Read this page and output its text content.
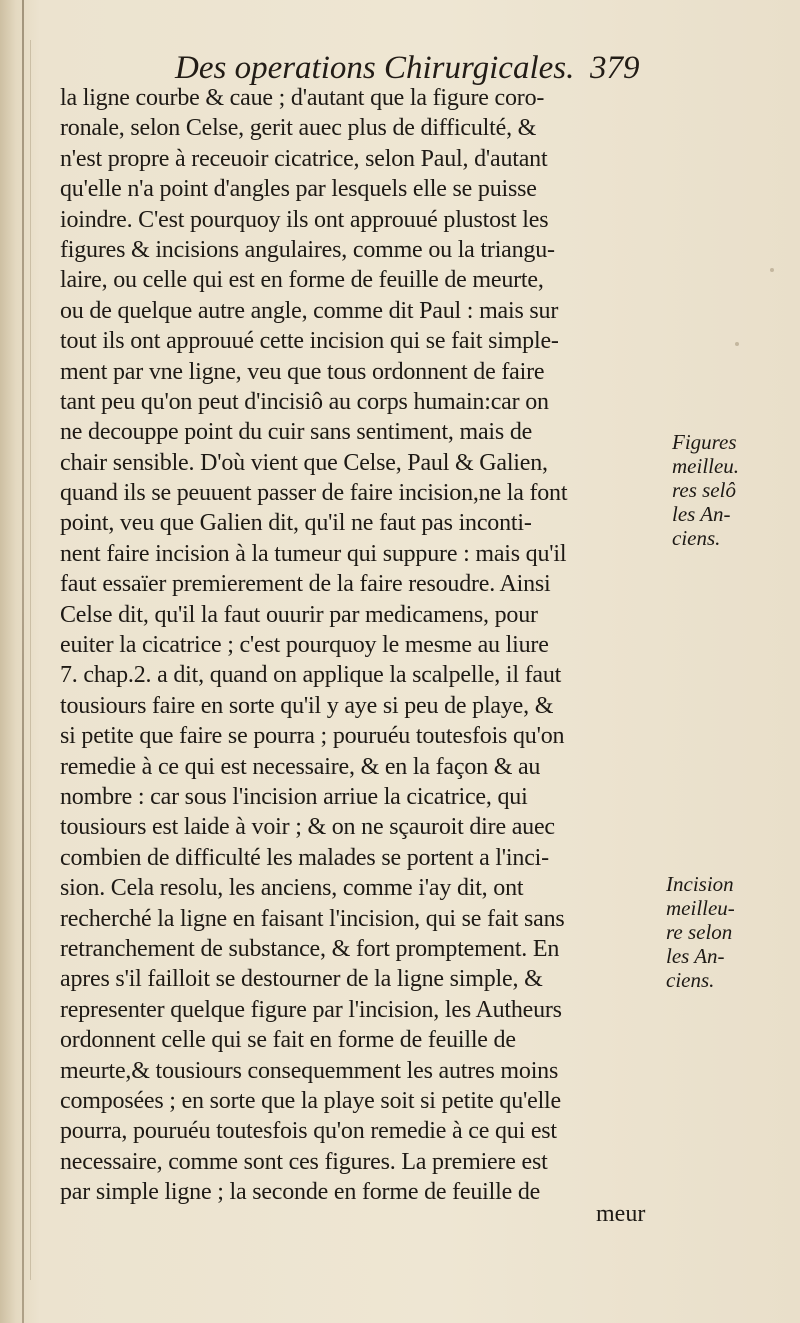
Des operations Chirurgicales. 379
la ligne courbe & caue ; d'autant que la figure coro-
ronale, selon Celse, gerit auec plus de difficulté, &
n'est propre à receuoir cicatrice, selon Paul, d'autant
qu'elle n'a point d'angles par lesquels elle se puisse
ioindre. C'est pourquoy ils ont approuué plustost les
figures & incisions angulaires, comme ou la triangu-
laire, ou celle qui est en forme de feuille de meurte,
ou de quelque autre angle, comme dit Paul : mais sur
tout ils ont approuué cette incision qui se fait simple-
ment par vne ligne, veu que tous ordonnent de faire
tant peu qu'on peut d'incisiô au corps humain:car on
ne decouppe point du cuir sans sentiment, mais de
chair sensible. D'où vient que Celse, Paul & Galien,
quand ils se peuuent passer de faire incision,ne la font
point, veu que Galien dit, qu'il ne faut pas inconti-
nent faire incision à la tumeur qui suppure : mais qu'il
faut essaïer premierement de la faire resoudre. Ainsi
Celse dit, qu'il la faut ouurir par medicamens, pour
euiter la cicatrice ; c'est pourquoy le mesme au liure
7. chap.2. a dit, quand on applique la scalpelle, il faut
tousiours faire en sorte qu'il y aye si peu de playe, &
si petite que faire se pourra ; pouruéu toutesfois qu'on
remedie à ce qui est necessaire, & en la façon & au
nombre : car sous l'incision arriue la cicatrice, qui
tousiours est laide à voir ; & on ne sçauroit dire auec
combien de difficulté les malades se portent a l'inci-
sion. Cela resolu, les anciens, comme i'ay dit, ont
recherché la ligne en faisant l'incision, qui se fait sans
retranchement de substance, & fort promptement. En
apres s'il failloit se destourner de la ligne simple, &
representer quelque figure par l'incision, les Autheurs
ordonnent celle qui se fait en forme de feuille de
meurte,& tousiours consequemment les autres moins
composées ; en sorte que la playe soit si petite qu'elle
pourra, pouruéu toutesfois qu'on remedie à ce qui est
necessaire, comme sont ces figures. La premiere est
par simple ligne ; la seconde en forme de feuille de
meur
Figures
meilleu.
res selô
les An-
ciens.
Incision
meilleu-
re selon
les An-
ciens.
